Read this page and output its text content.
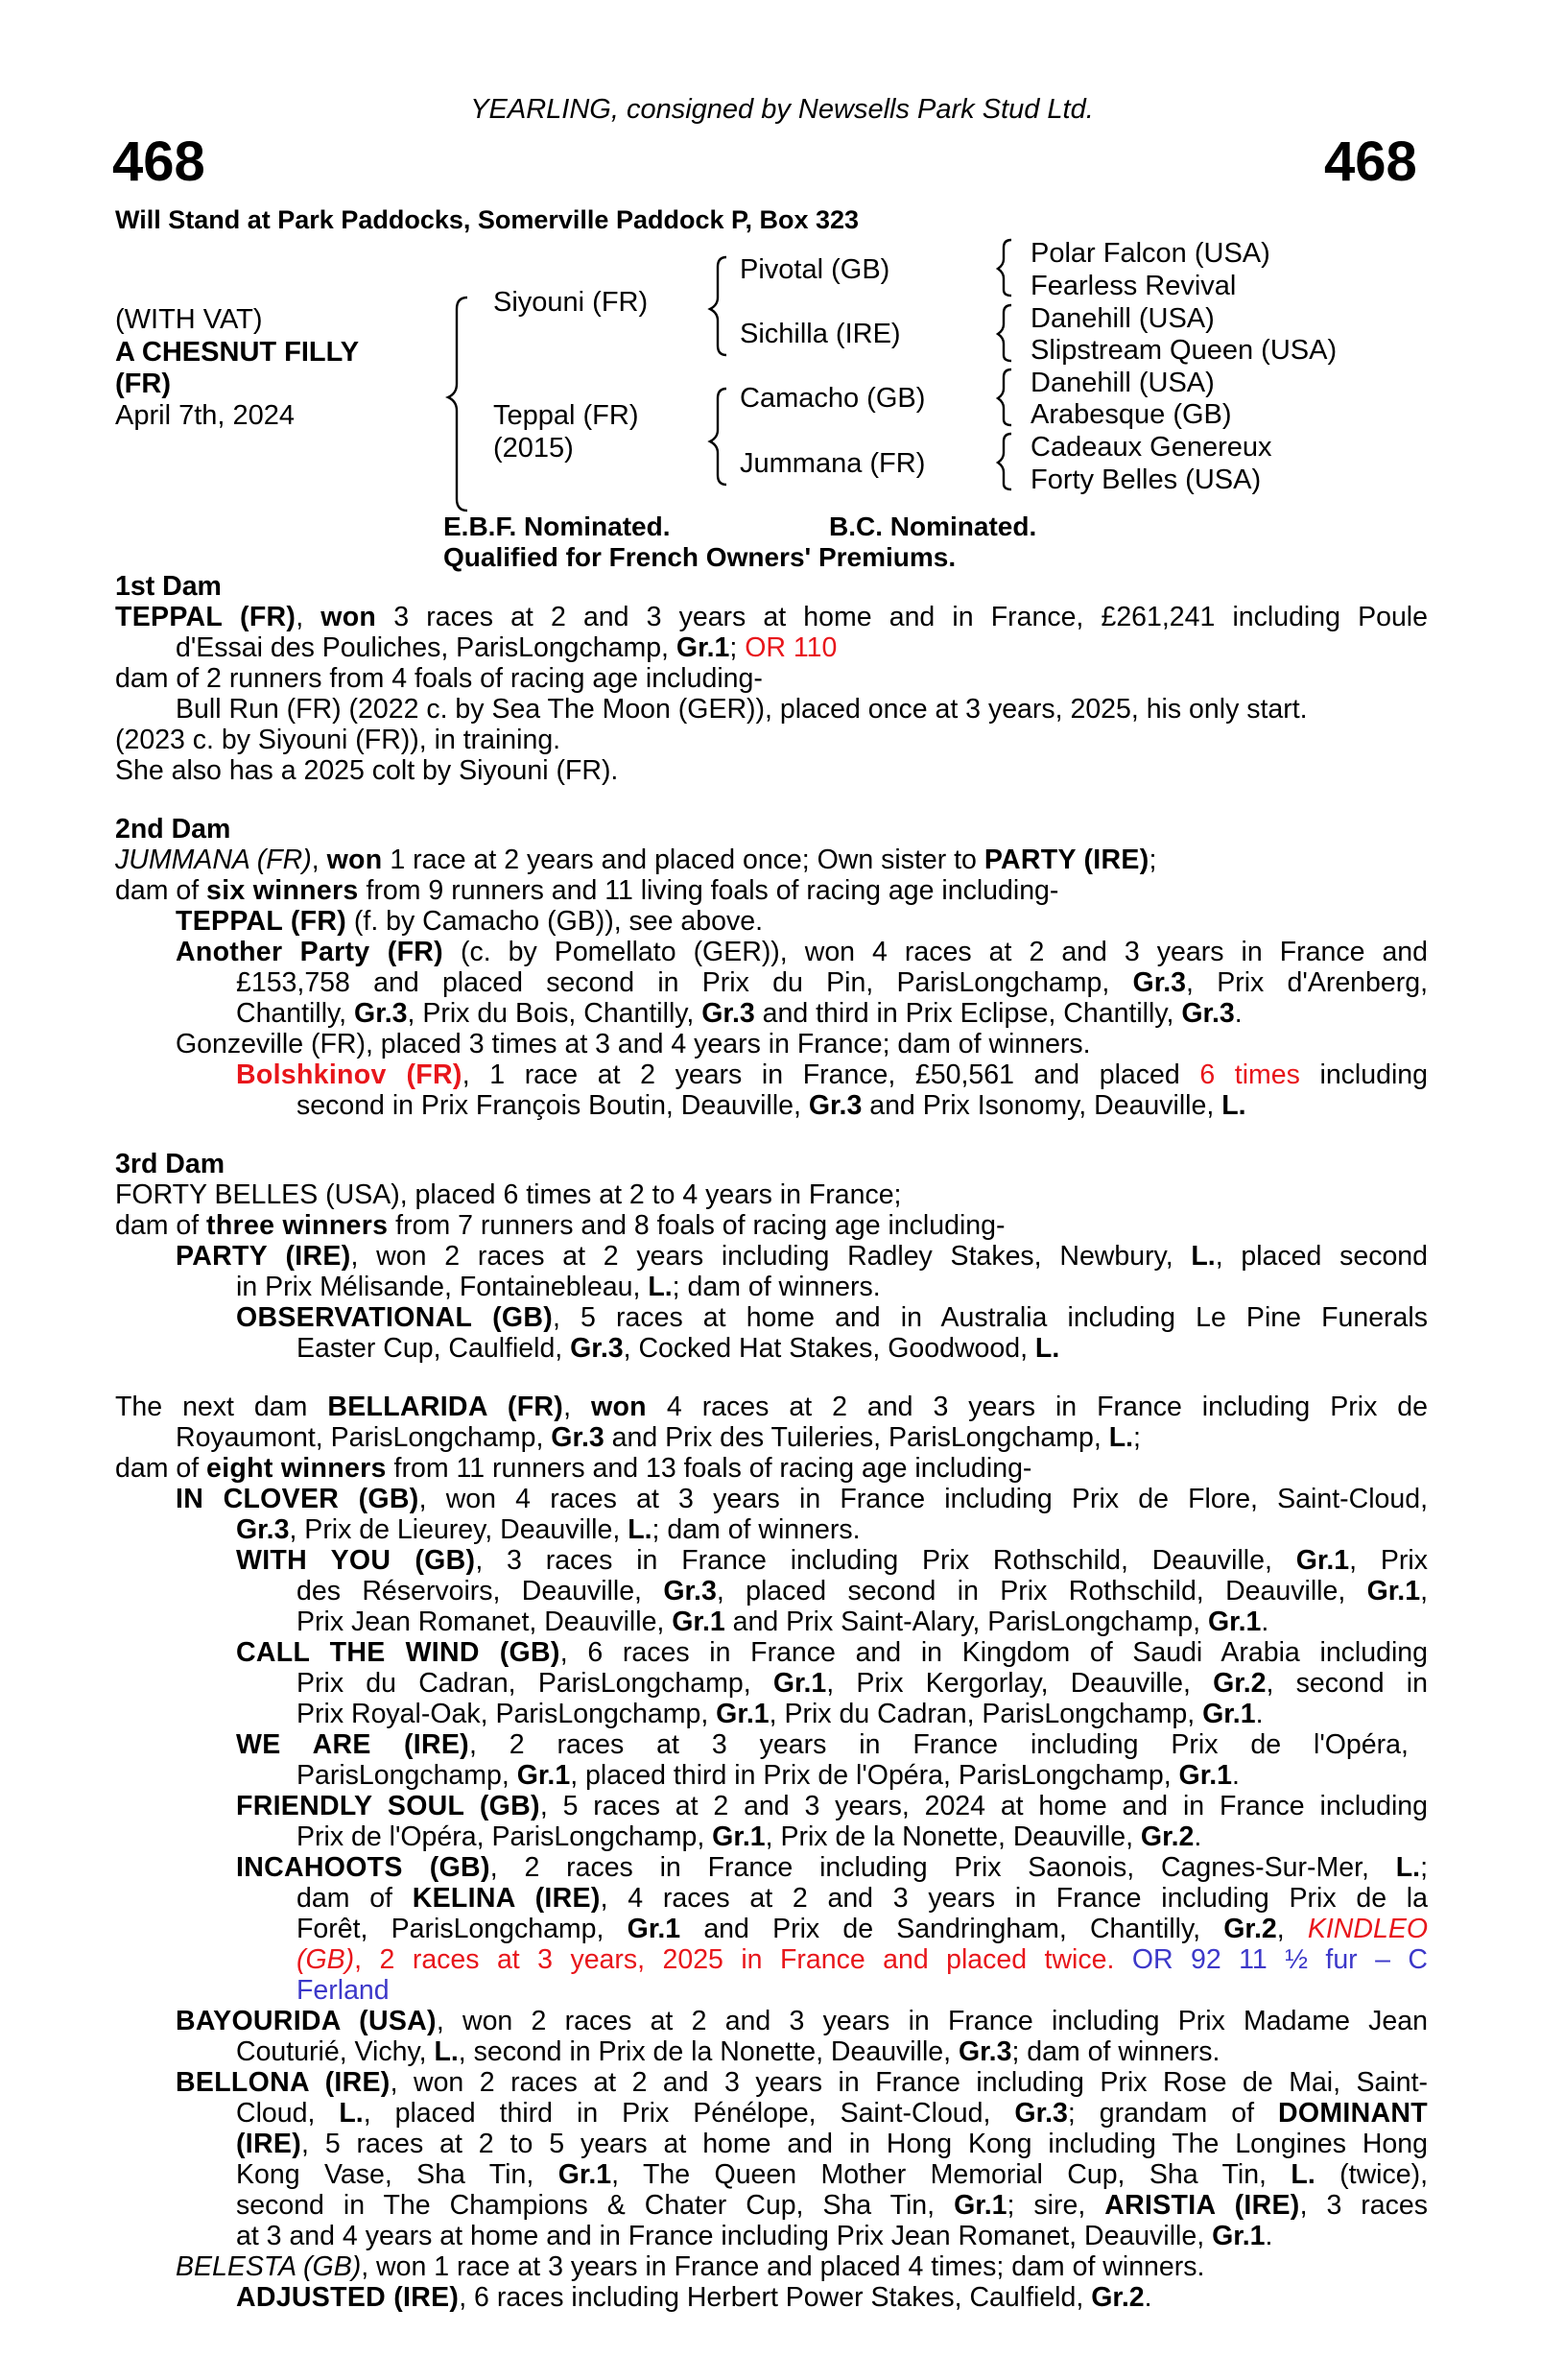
YEARLING, consigned by Newsells Park Stud Ltd.
468	468
Will Stand at Park Paddocks, Somerville Paddock P, Box 323
(WITH VAT)
A CHESNUT FILLY
(FR)
April 7th, 2024
Siyouni (FR)
Teppal (FR)
(2015)
Pivotal (GB)
Sichilla (IRE)
Camacho (GB)
Jummana (FR)
Polar Falcon (USA)
Fearless Revival
Danehill (USA)
Slipstream Queen (USA)
Danehill (USA)
Arabesque (GB)
Cadeaux Genereux
Forty Belles (USA)
E.B.F. Nominated.	B.C. Nominated.
Qualified for French Owners' Premiums.
1st Dam
TEPPAL (FR), won 3 races at 2 and 3 years at home and in France, £261,241 including Poule
d'Essai des Pouliches, ParisLongchamp, Gr.1; OR 110
dam of 2 runners from 4 foals of racing age including-
Bull Run (FR) (2022 c. by Sea The Moon (GER)), placed once at 3 years, 2025, his only start.
(2023 c. by Siyouni (FR)), in training.
She also has a 2025 colt by Siyouni (FR).
2nd Dam
JUMMANA (FR), won 1 race at 2 years and placed once; Own sister to PARTY (IRE);
dam of six winners from 9 runners and 11 living foals of racing age including-
TEPPAL (FR) (f. by Camacho (GB)), see above.
Another Party (FR) (c. by Pomellato (GER)), won 4 races at 2 and 3 years in France and
£153,758 and placed second in Prix du Pin, ParisLongchamp, Gr.3, Prix d'Arenberg,
Chantilly, Gr.3, Prix du Bois, Chantilly, Gr.3 and third in Prix Eclipse, Chantilly, Gr.3.
Gonzeville (FR), placed 3 times at 3 and 4 years in France; dam of winners.
Bolshkinov (FR), 1 race at 2 years in France, £50,561 and placed 6 times including
second in Prix François Boutin, Deauville, Gr.3 and Prix Isonomy, Deauville, L.
3rd Dam
FORTY BELLES (USA), placed 6 times at 2 to 4 years in France;
dam of three winners from 7 runners and 8 foals of racing age including-
PARTY (IRE), won 2 races at 2 years including Radley Stakes, Newbury, L., placed second
in Prix Mélisande, Fontainebleau, L.; dam of winners.
OBSERVATIONAL (GB), 5 races at home and in Australia including Le Pine Funerals
Easter Cup, Caulfield, Gr.3, Cocked Hat Stakes, Goodwood, L.
The next dam BELLARIDA (FR), won 4 races at 2 and 3 years in France including Prix de
Royaumont, ParisLongchamp, Gr.3 and Prix des Tuileries, ParisLongchamp, L.;
dam of eight winners from 11 runners and 13 foals of racing age including-
IN CLOVER (GB), won 4 races at 3 years in France including Prix de Flore, Saint-Cloud,
Gr.3, Prix de Lieurey, Deauville, L.; dam of winners.
WITH YOU (GB), 3 races in France including Prix Rothschild, Deauville, Gr.1, Prix
des Réservoirs, Deauville, Gr.3, placed second in Prix Rothschild, Deauville, Gr.1,
Prix Jean Romanet, Deauville, Gr.1 and Prix Saint-Alary, ParisLongchamp, Gr.1.
CALL THE WIND (GB), 6 races in France and in Kingdom of Saudi Arabia including
Prix du Cadran, ParisLongchamp, Gr.1, Prix Kergorlay, Deauville, Gr.2, second in
Prix Royal-Oak, ParisLongchamp, Gr.1, Prix du Cadran, ParisLongchamp, Gr.1.
WE ARE (IRE), 2 races at 3 years in France including Prix de l'Opéra,
ParisLongchamp, Gr.1, placed third in Prix de l'Opéra, ParisLongchamp, Gr.1.
FRIENDLY SOUL (GB), 5 races at 2 and 3 years, 2024 at home and in France including
Prix de l'Opéra, ParisLongchamp, Gr.1, Prix de la Nonette, Deauville, Gr.2.
INCAHOOTS (GB), 2 races in France including Prix Saonois, Cagnes-Sur-Mer, L.;
dam of KELINA (IRE), 4 races at 2 and 3 years in France including Prix de la
Forêt, ParisLongchamp, Gr.1 and Prix de Sandringham, Chantilly, Gr.2, KINDLEO
(GB), 2 races at 3 years, 2025 in France and placed twice. OR 92 11 ½ fur – C
Ferland
BAYOURIDA (USA), won 2 races at 2 and 3 years in France including Prix Madame Jean
Couturié, Vichy, L., second in Prix de la Nonette, Deauville, Gr.3; dam of winners.
BELLONA (IRE), won 2 races at 2 and 3 years in France including Prix Rose de Mai, Saint-
Cloud, L., placed third in Prix Pénélope, Saint-Cloud, Gr.3; grandam of DOMINANT
(IRE), 5 races at 2 to 5 years at home and in Hong Kong including The Longines Hong
Kong Vase, Sha Tin, Gr.1, The Queen Mother Memorial Cup, Sha Tin, L. (twice),
second in The Champions & Chater Cup, Sha Tin, Gr.1; sire, ARISTIA (IRE), 3 races
at 3 and 4 years at home and in France including Prix Jean Romanet, Deauville, Gr.1.
BELESTA (GB), won 1 race at 3 years in France and placed 4 times; dam of winners.
ADJUSTED (IRE), 6 races including Herbert Power Stakes, Caulfield, Gr.2.
